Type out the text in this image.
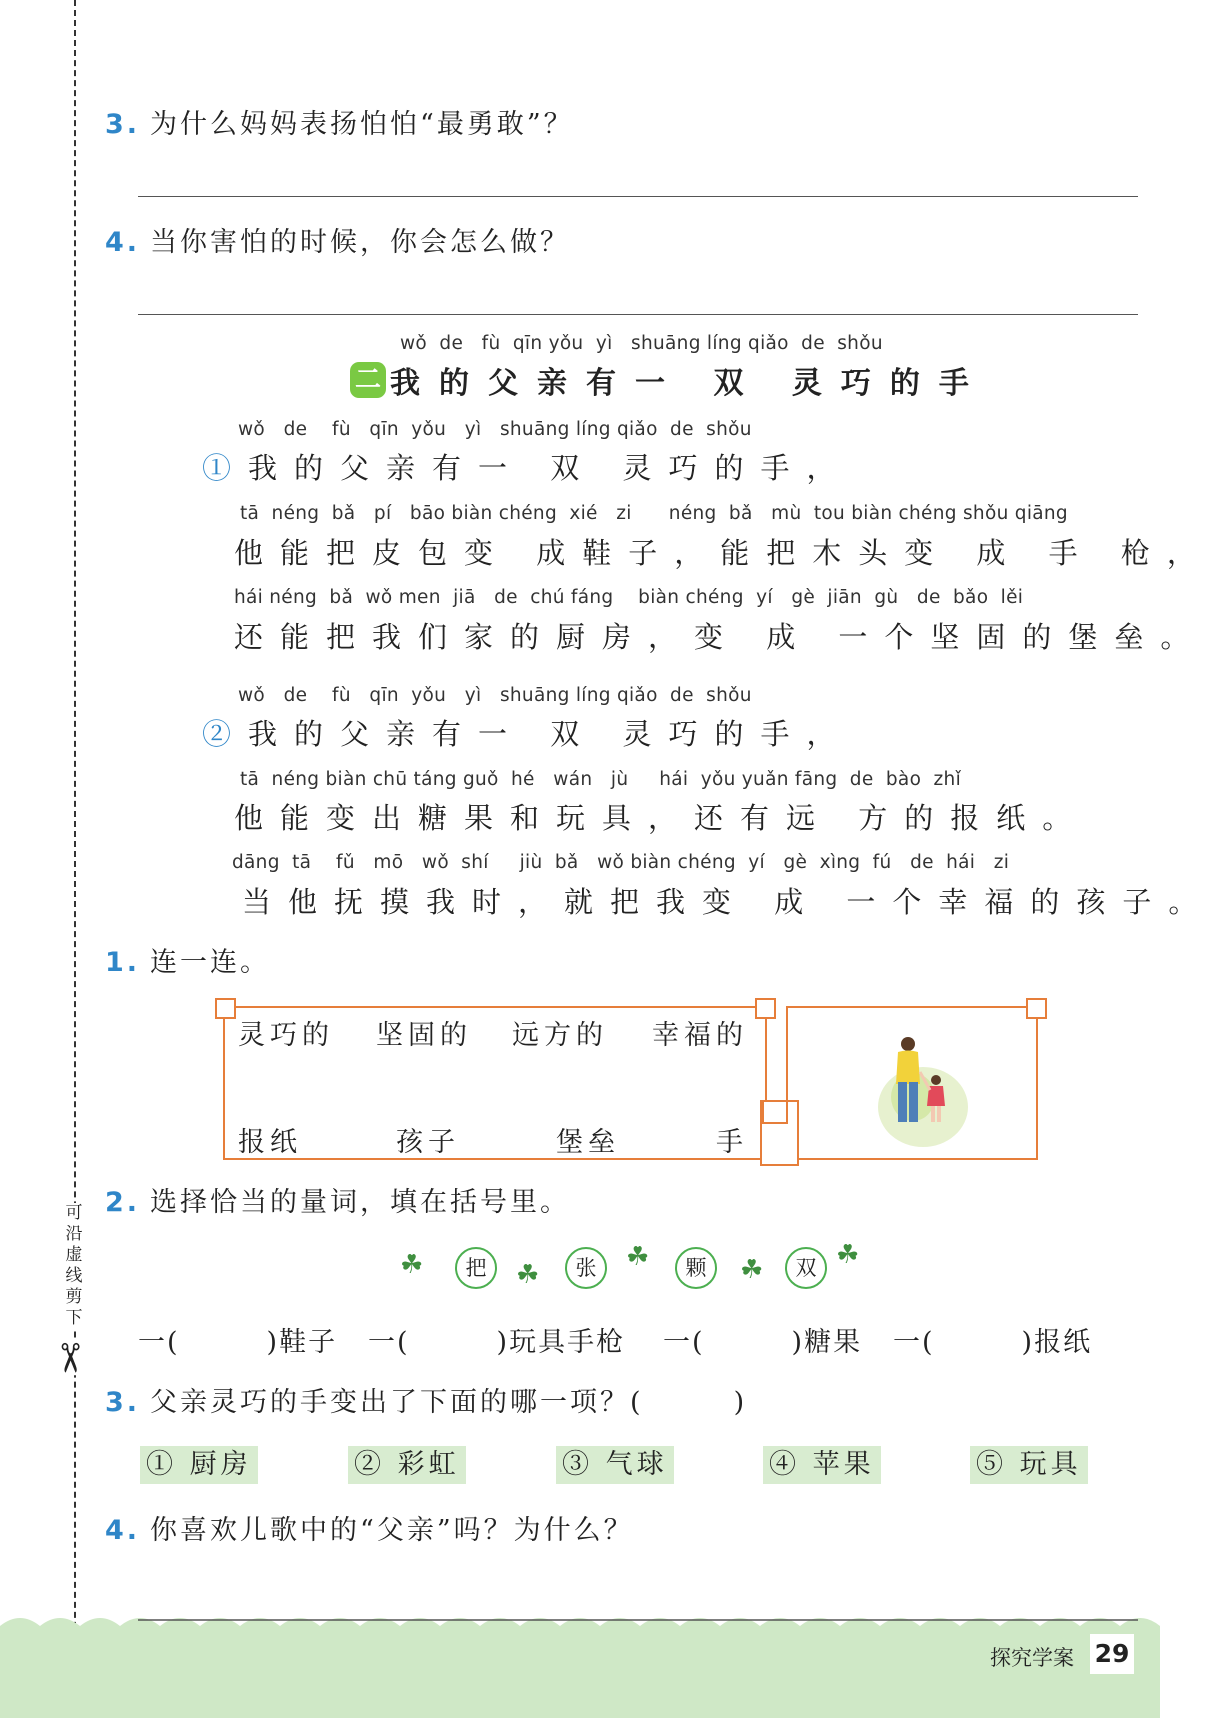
可沿虚线剪下
✂
3. 为什么妈妈表扬怕怕“最勇敢”？
4. 当你害怕的时候，你会怎么做？
wǒ  de   fù  qīn yǒu  yì   shuāng líng qiǎo  de  shǒu
二 我的父亲有一 双 灵巧的手
wǒ   de    fù   qīn  yǒu   yì   shuāng líng qiǎo  de  shǒu
①我的父亲有一 双 灵巧的手，
tā  néng  bǎ   pí   bāo biàn chéng  xié   zi      néng  bǎ   mù  tou biàn chéng shǒu qiāng
他能把皮包变 成鞋子，能把木头变 成 手 枪，
hái néng  bǎ  wǒ men  jiā   de  chú fáng    biàn chéng  yí   gè  jiān  gù   de  bǎo  lěi
还能把我们家的厨房，变 成 一个坚固的堡垒。
wǒ   de    fù   qīn  yǒu   yì   shuāng líng qiǎo  de  shǒu
②我的父亲有一 双 灵巧的手，
tā  néng biàn chū táng guǒ  hé   wán   jù     hái  yǒu yuǎn fāng  de  bào  zhǐ
他能变出糖果和玩具，还有远 方的报纸。
dāng  tā    fǔ   mō   wǒ  shí     jiù  bǎ   wǒ biàn chéng  yí   gè  xìng  fú   de  hái   zi
当他抚摸我时，就把我变 成 一个幸福的孩子。
1. 连一连。
灵巧的 坚固的 远方的 幸福的
报纸	孩子	堡垒	手
2. 选择恰当的量词，填在括号里。
☘	把	☘	张	☘	颗	☘	双 ☘
一(　　　)鞋子 一(　　　)玩具手枪 一(　　　)糖果 一(　　　)报纸
3. 父亲灵巧的手变出了下面的哪一项？(　　　)
① 厨房	② 彩虹	③ 气球	④ 苹果	⑤ 玩具
4. 你喜欢儿歌中的“父亲”吗？为什么？
探究学案 29
